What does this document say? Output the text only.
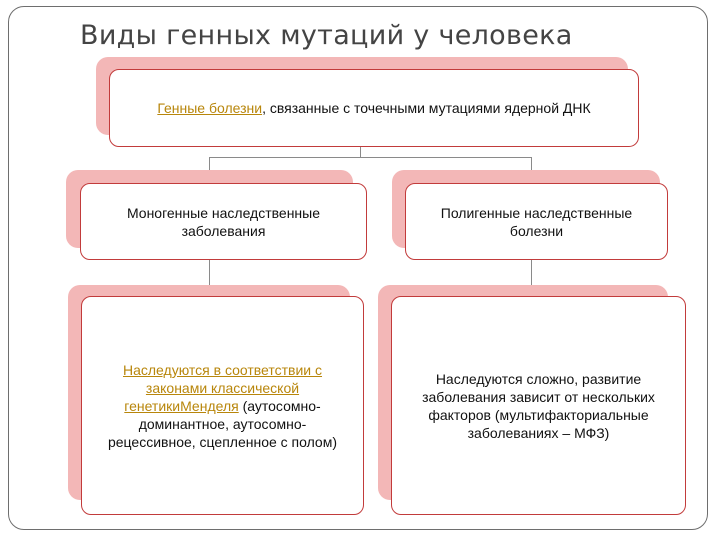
Виды генных мутаций у человека
Генные болезни, связанные с точечными мутациями ядерной ДНК
Моногенные наследственные
заболевания
Полигенные наследственные
болезни
Наследуются в соответствии с
законами классической
генетикиМенделя (аутосомно-
доминантное, аутосомно-
рецессивное, сцепленное с полом)
Наследуются сложно, развитие
заболевания зависит от нескольких
факторов (мультифакториальные
заболеваниях – МФЗ)
